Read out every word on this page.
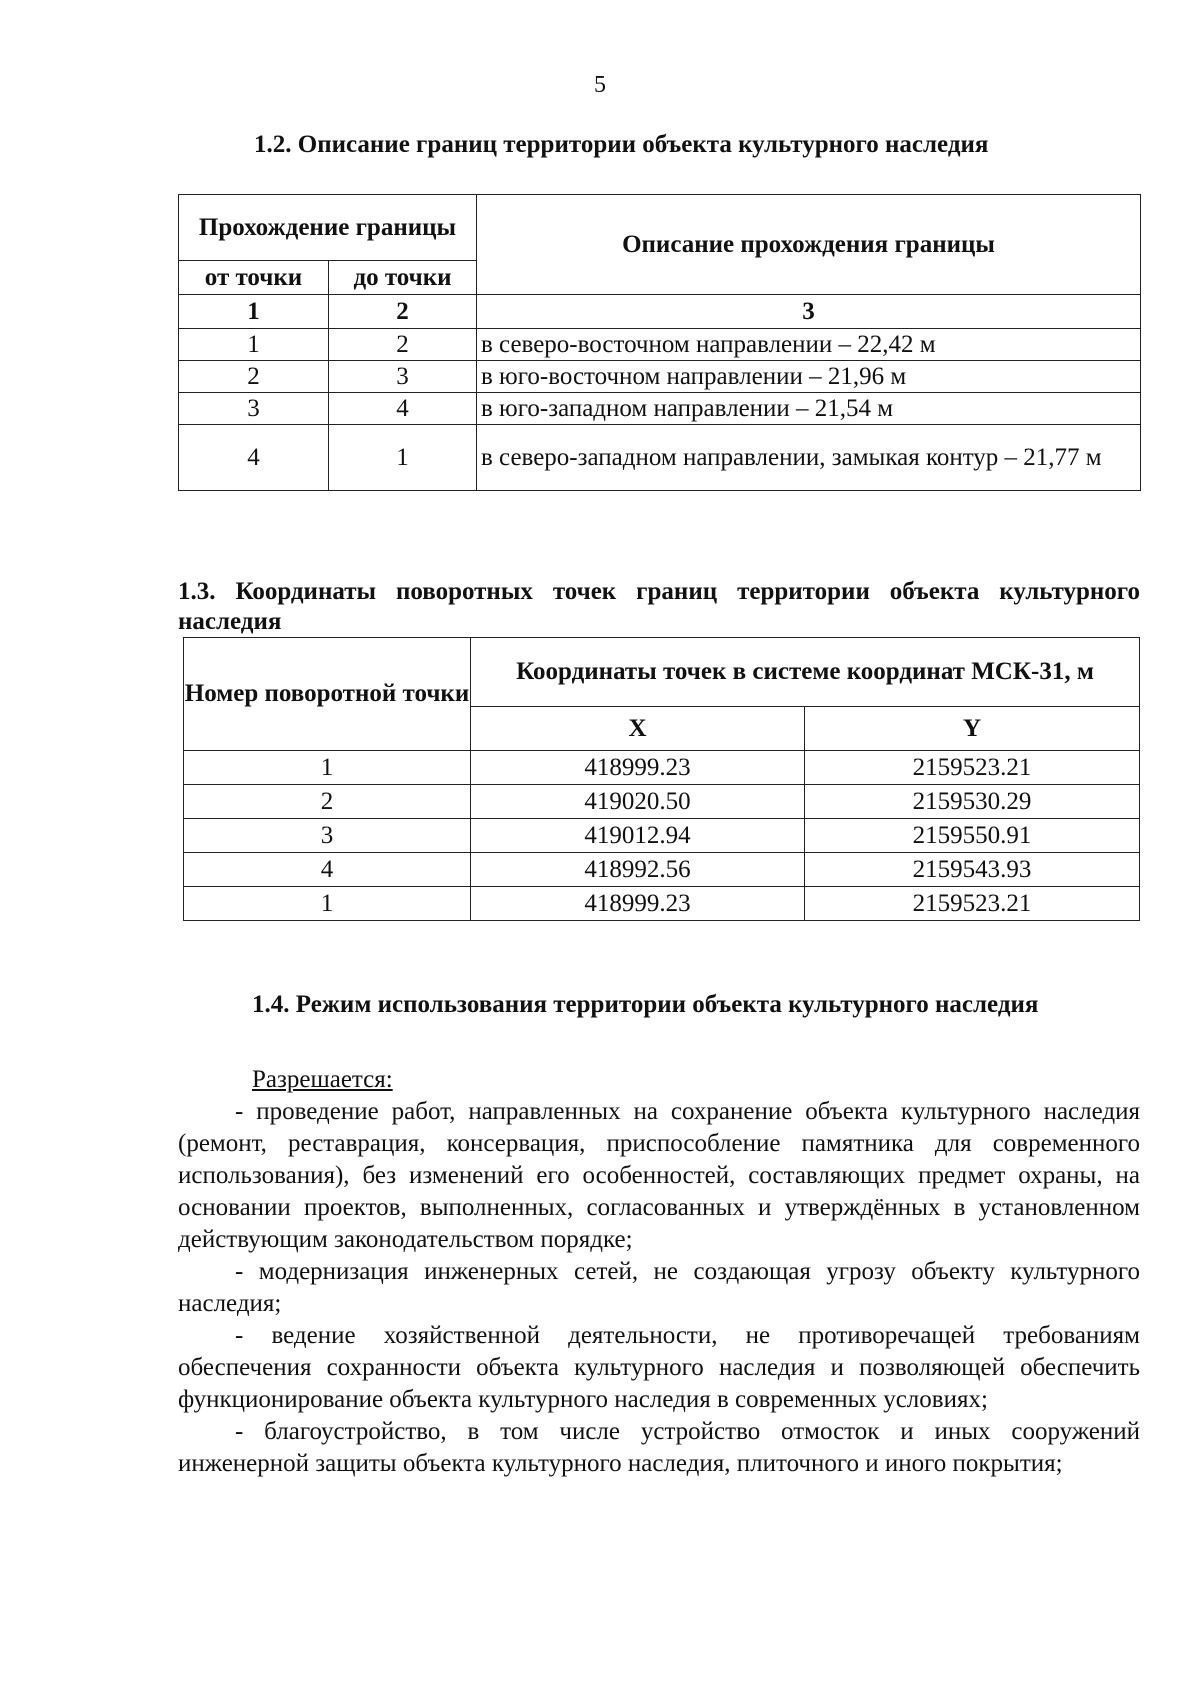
5
1.2. Описание границ территории объекта культурного наследия
Прохождение границы		Описание прохождения границы
от точки	до точки	
1	2	3
1	2	в северо-восточном направлении – 22,42 м
2	3	в юго-восточном направлении – 21,96 м
3	4	в юго-западном направлении – 21,54 м
4	1	в северо-западном направлении, замыкая контур – 21,77 м
1.3. Координаты поворотных точек границ территории объекта культурного наследия
Номер поворотной точки	Координаты точек в системе координат МСК-31, м	
	X	Y
1	418999.23	2159523.21
2	419020.50	2159530.29
3	419012.94	2159550.91
4	418992.56	2159543.93
1	418999.23	2159523.21
1.4. Режим использования территории объекта культурного наследия
Разрешается:

- проведение работ, направленных на сохранение объекта культурного наследия (ремонт, реставрация, консервация, приспособление памятника для современного использования), без изменений его особенностей, составляющих предмет охраны, на основании проектов, выполненных, согласованных и утверждённых в установленном действующим законодательством порядке;

- модернизация инженерных сетей, не создающая угрозу объекту культурного наследия;

- ведение хозяйственной деятельности, не противоречащей требованиям обеспечения сохранности объекта культурного наследия и позволяющей обеспечить функционирование объекта культурного наследия в современных условиях;

- благоустройство, в том числе устройство отмосток и иных сооружений инженерной защиты объекта культурного наследия, плиточного и иного покрытия;
